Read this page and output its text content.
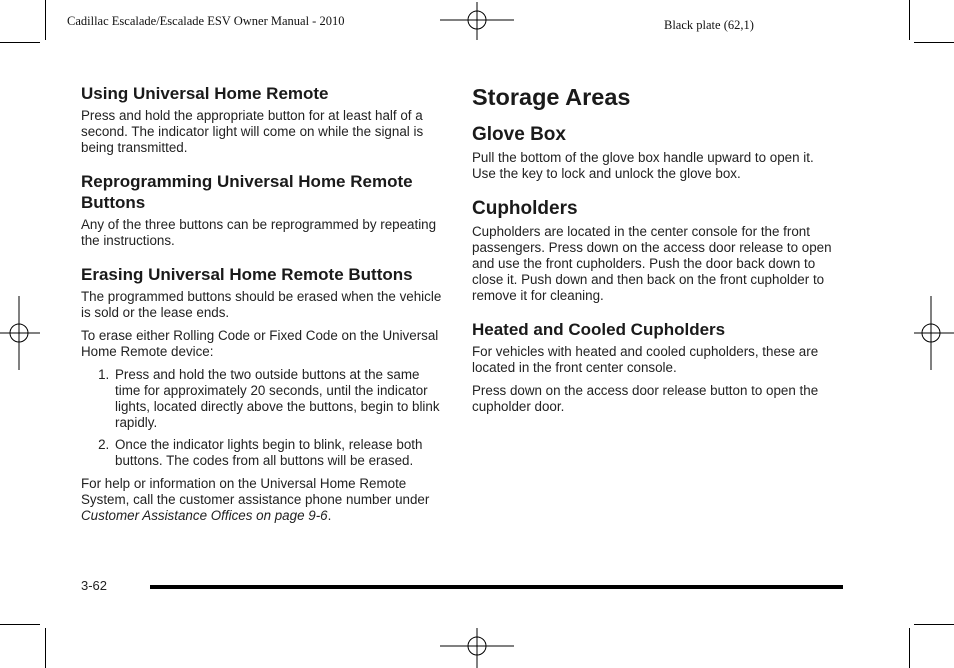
Cadillac Escalade/Escalade ESV Owner Manual - 2010	Black plate (62,1)
Using Universal Home Remote

Press and hold the appropriate button for at least half of a second. The indicator light will come on while the signal is being transmitted.

Reprogramming Universal Home Remote Buttons

Any of the three buttons can be reprogrammed by repeating the instructions.

Erasing Universal Home Remote Buttons

The programmed buttons should be erased when the vehicle is sold or the lease ends.

To erase either Rolling Code or Fixed Code on the Universal Home Remote device:

1. Press and hold the two outside buttons at the same time for approximately 20 seconds, until the indicator lights, located directly above the buttons, begin to blink rapidly.
2. Once the indicator lights begin to blink, release both buttons. The codes from all buttons will be erased.

For help or information on the Universal Home Remote System, call the customer assistance phone number under Customer Assistance Offices on page 9-6.

Storage Areas
Glove Box

Pull the bottom of the glove box handle upward to open it. Use the key to lock and unlock the glove box.

Cupholders

Cupholders are located in the center console for the front passengers. Press down on the access door release to open and use the front cupholders. Push the door back down to close it. Push down and then back on the front cupholder to remove it for cleaning.

Heated and Cooled Cupholders

For vehicles with heated and cooled cupholders, these are located in the front center console.

Press down on the access door release button to open the cupholder door.

3-62
